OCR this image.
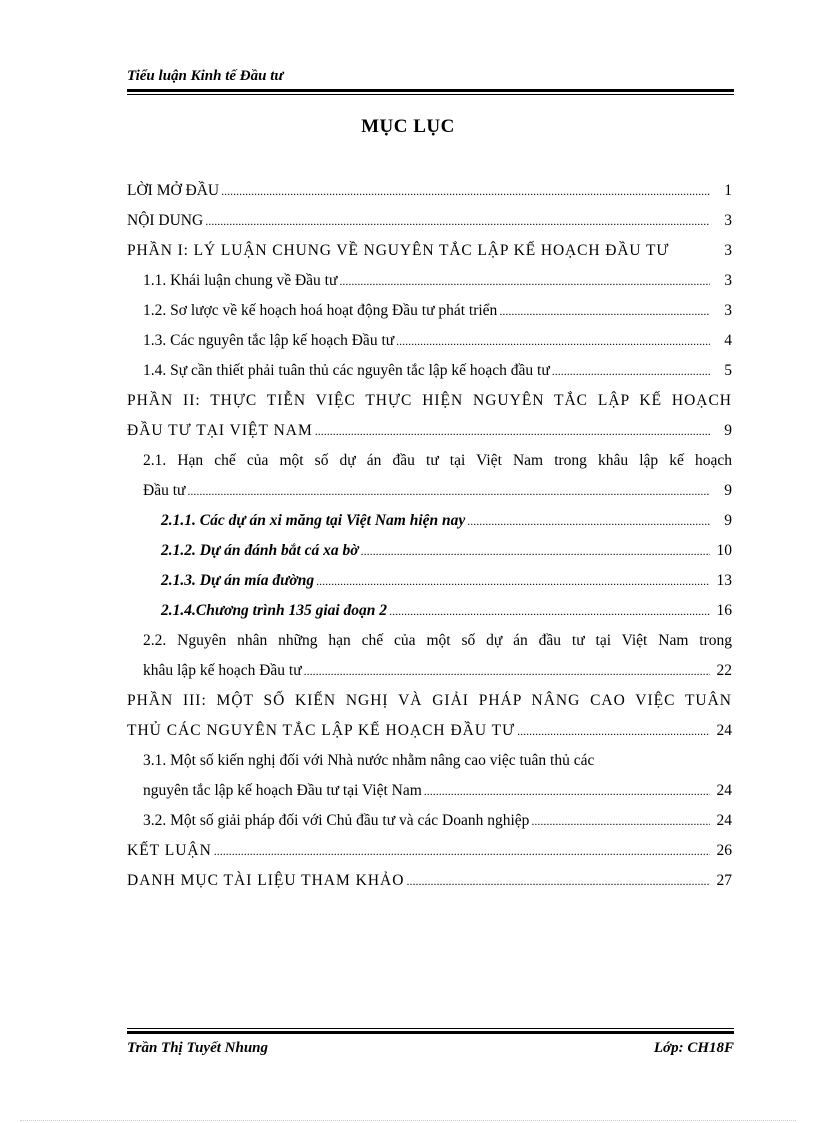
Tiểu luận Kinh tế Đầu tư
MỤC LỤC
LỜI MỞ ĐẦU .....	1
NỘI DUNG .....	3
PHẦN I: LÝ LUẬN CHUNG VỀ NGUYÊN TẮC LẬP KẾ HOẠCH ĐẦU TƯ	3
1.1. Khái luận chung về Đầu tư .....	3
1.2. Sơ lược về kế hoạch hoá hoạt động Đầu tư phát triển .....	3
1.3. Các nguyên tắc lập kế hoạch Đầu tư .....	4
1.4. Sự cần thiết phải tuân thủ các nguyên tắc lập kế hoạch đầu tư .....	5
PHẦN II: THỰC TIỄN VIỆC THỰC HIỆN NGUYÊN TẮC LẬP KẾ HOẠCH
ĐẦU TƯ TẠI VIỆT NAM .....	9
2.1. Hạn chế của một số dự án đầu tư tại Việt Nam trong khâu lập kế hoạch
Đầu tư .....	9
2.1.1. Các dự án xi măng tại Việt Nam hiện nay .....	9
2.1.2. Dự án đánh bắt cá xa bờ .....	10
2.1.3. Dự án mía đường .....	13
2.1.4.Chương trình 135 giai đoạn 2 .....	16
2.2. Nguyên nhân những hạn chế của một số dự án đầu tư tại Việt Nam trong
khâu lập kế hoạch Đầu tư .....	22
PHẦN III: MỘT SỐ KIẾN NGHỊ VÀ GIẢI PHÁP NÂNG CAO VIỆC TUÂN
THỦ CÁC NGUYÊN TẮC LẬP KẾ HOẠCH ĐẦU TƯ .....	24
3.1. Một số kiến nghị đối với Nhà nước nhằm nâng cao việc tuân thủ các
nguyên tắc lập kế hoạch Đầu tư tại Việt Nam .....	24
3.2. Một số giải pháp đối với Chủ đầu tư và các Doanh nghiệp .....	24
KẾT LUẬN .....	26
DANH MỤC TÀI LIỆU THAM KHẢO .....	27
Trần Thị Tuyết Nhung	Lớp: CH18F
